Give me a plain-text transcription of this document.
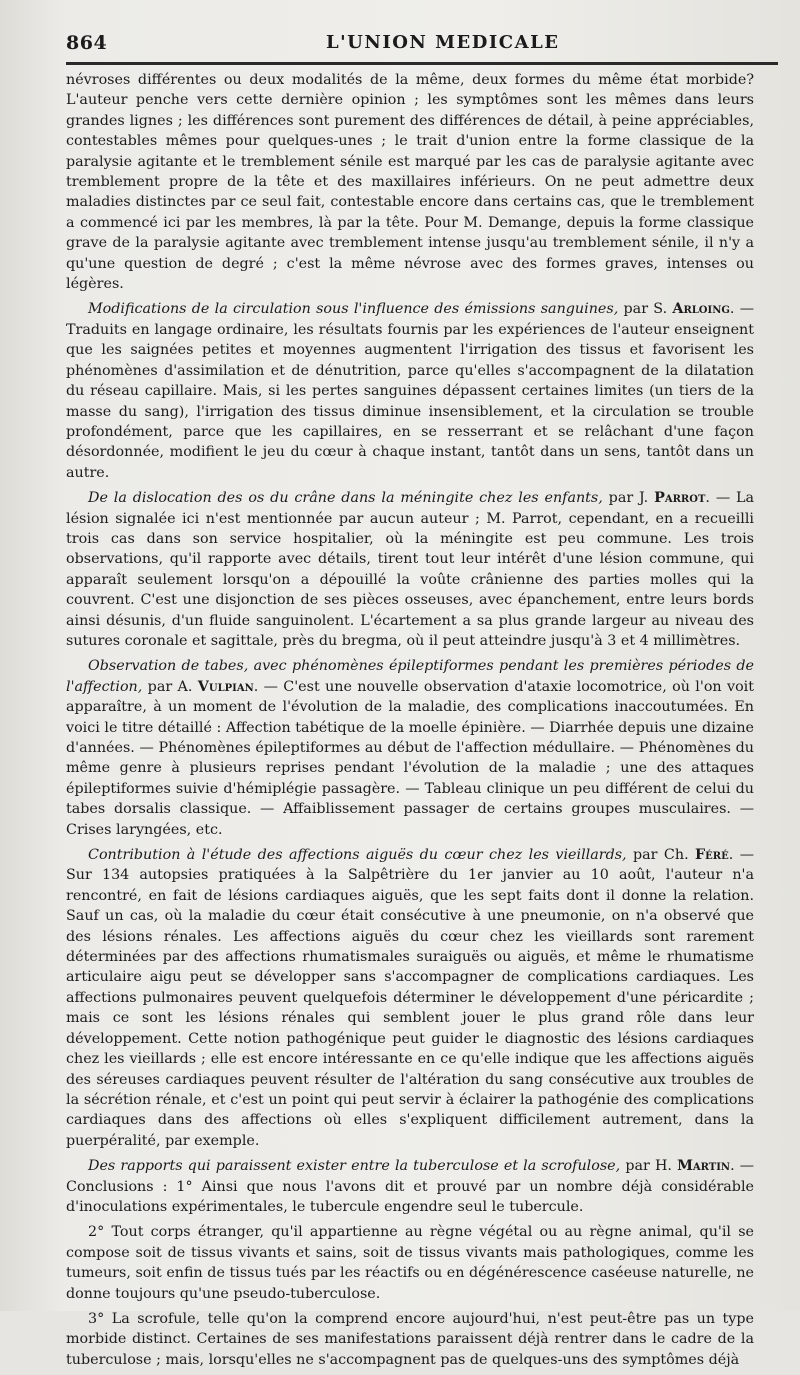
864	L'UNION MEDICALE

névroses différentes ou deux modalités de la même, deux formes du même état morbide? L'auteur penche vers cette dernière opinion ; les symptômes sont les mêmes dans leurs grandes lignes ; les différences sont purement des différences de détail, à peine appréciables, contestables mêmes pour quelques-unes ; le trait d'union entre la forme classique de la paralysie agitante et le tremblement sénile est marqué par les cas de paralysie agitante avec tremblement propre de la tête et des maxillaires inférieurs. On ne peut admettre deux maladies distinctes par ce seul fait, contestable encore dans certains cas, que le tremblement a commencé ici par les membres, là par la tête. Pour M. Demange, depuis la forme classique grave de la paralysie agitante avec tremblement intense jusqu'au tremblement sénile, il n'y a qu'une question de degré ; c'est la même névrose avec des formes graves, intenses ou légères.

Modifications de la circulation sous l'influence des émissions sanguines, par S. Arloing. — Traduits en langage ordinaire, les résultats fournis par les expériences de l'auteur enseignent que les saignées petites et moyennes augmentent l'irrigation des tissus et favorisent les phénomènes d'assimilation et de dénutrition, parce qu'elles s'accompagnent de la dilatation du réseau capillaire. Mais, si les pertes sanguines dépassent certaines limites (un tiers de la masse du sang), l'irrigation des tissus diminue insensiblement, et la circulation se trouble profondément, parce que les capillaires, en se resserrant et se relâchant d'une façon désordonnée, modifient le jeu du cœur à chaque instant, tantôt dans un sens, tantôt dans un autre.

De la dislocation des os du crâne dans la méningite chez les enfants, par J. Parrot. — La lésion signalée ici n'est mentionnée par aucun auteur ; M. Parrot, cependant, en a recueilli trois cas dans son service hospitalier, où la méningite est peu commune. Les trois observations, qu'il rapporte avec détails, tirent tout leur intérêt d'une lésion commune, qui apparaît seulement lorsqu'on a dépouillé la voûte crânienne des parties molles qui la couvrent. C'est une disjonction de ses pièces osseuses, avec épanchement, entre leurs bords ainsi désunis, d'un fluide sanguinolent. L'écartement a sa plus grande largeur au niveau des sutures coronale et sagittale, près du bregma, où il peut atteindre jusqu'à 3 et 4 millimètres.

Observation de tabes, avec phénomènes épileptiformes pendant les premières périodes de l'affection, par A. Vulpian. — C'est une nouvelle observation d'ataxie locomotrice, où l'on voit apparaître, à un moment de l'évolution de la maladie, des complications inaccoutumées. En voici le titre détaillé : Affection tabétique de la moelle épinière. — Diarrhée depuis une dizaine d'années. — Phénomènes épileptiformes au début de l'affection médullaire. — Phénomènes du même genre à plusieurs reprises pendant l'évolution de la maladie ; une des attaques épileptiformes suivie d'hémiplégie passagère. — Tableau clinique un peu différent de celui du tabes dorsalis classique. — Affaiblissement passager de certains groupes musculaires. — Crises laryngées, etc.

Contribution à l'étude des affections aiguës du cœur chez les vieillards, par Ch. Féré. — Sur 134 autopsies pratiquées à la Salpêtrière du 1er janvier au 10 août, l'auteur n'a rencontré, en fait de lésions cardiaques aiguës, que les sept faits dont il donne la relation. Sauf un cas, où la maladie du cœur était consécutive à une pneumonie, on n'a observé que des lésions rénales. Les affections aiguës du cœur chez les vieillards sont rarement déterminées par des affections rhumatismales suraiguës ou aiguës, et même le rhumatisme articulaire aigu peut se développer sans s'accompagner de complications cardiaques. Les affections pulmonaires peuvent quelquefois déterminer le développement d'une péricardite ; mais ce sont les lésions rénales qui semblent jouer le plus grand rôle dans leur développement. Cette notion pathogénique peut guider le diagnostic des lésions cardiaques chez les vieillards ; elle est encore intéressante en ce qu'elle indique que les affections aiguës des séreuses cardiaques peuvent résulter de l'altération du sang consécutive aux troubles de la sécrétion rénale, et c'est un point qui peut servir à éclairer la pathogénie des complications cardiaques dans des affections où elles s'expliquent difficilement autrement, dans la puerpéralité, par exemple.

Des rapports qui paraissent exister entre la tuberculose et la scrofulose, par H. Martin. — Conclusions : 1° Ainsi que nous l'avons dit et prouvé par un nombre déjà considérable d'inoculations expérimentales, le tubercule engendre seul le tubercule.

2° Tout corps étranger, qu'il appartienne au règne végétal ou au règne animal, qu'il se compose soit de tissus vivants et sains, soit de tissus vivants mais pathologiques, comme les tumeurs, soit enfin de tissus tués par les réactifs ou en dégénérescence caséeuse naturelle, ne donne toujours qu'une pseudo-tuberculose.

3° La scrofule, telle qu'on la comprend encore aujourd'hui, n'est peut-être pas un type morbide distinct. Certaines de ses manifestations paraissent déjà rentrer dans le cadre de la tuberculose ; mais, lorsqu'elles ne s'accompagnent pas de quelques-uns des symptômes déjà
